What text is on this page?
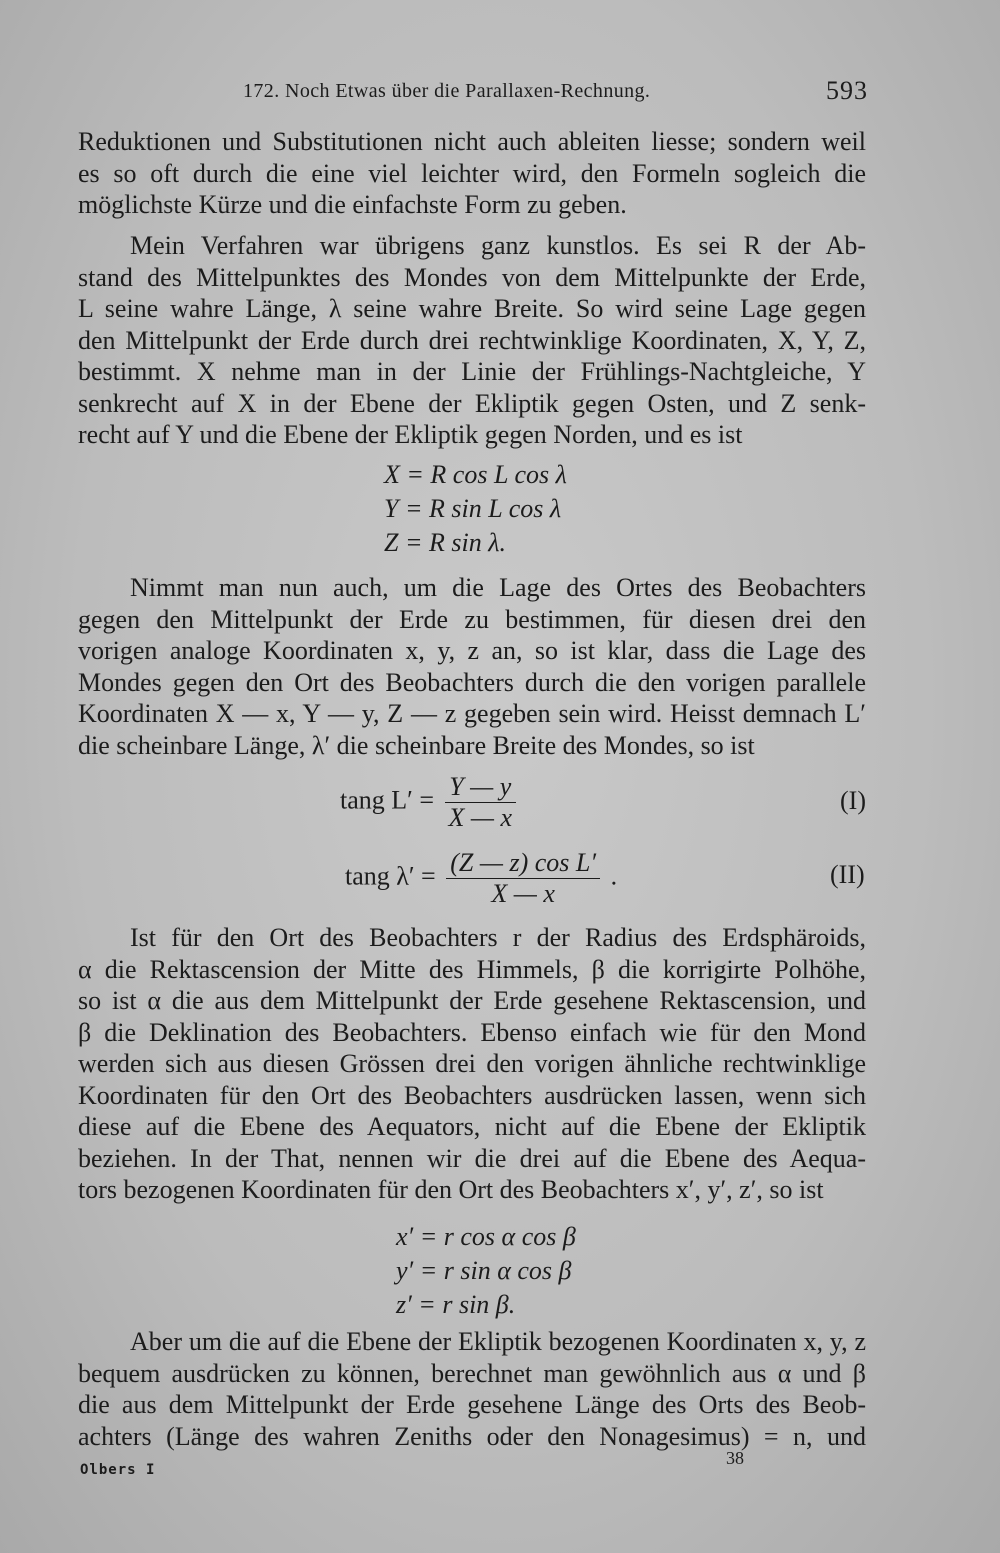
172. Noch Etwas über die Parallaxen-Rechnung.	593

Reduktionen und Substitutionen nicht auch ableiten liesse; sondern weil
es so oft durch die eine viel leichter wird, den Formeln sogleich die
möglichste Kürze und die einfachste Form zu geben.

Mein Verfahren war übrigens ganz kunstlos. Es sei R der Ab-
stand des Mittelpunktes des Mondes von dem Mittelpunkte der Erde,
L seine wahre Länge, λ seine wahre Breite. So wird seine Lage gegen
den Mittelpunkt der Erde durch drei rechtwinklige Koordinaten, X, Y, Z,
bestimmt. X nehme man in der Linie der Frühlings-Nachtgleiche, Y
senkrecht auf X in der Ebene der Ekliptik gegen Osten, und Z senk-
recht auf Y und die Ebene der Ekliptik gegen Norden, und es ist

X = R cos L cos λ
Y = R sin L cos λ
Z = R sin λ.

Nimmt man nun auch, um die Lage des Ortes des Beobachters
gegen den Mittelpunkt der Erde zu bestimmen, für diesen drei den
vorigen analoge Koordinaten x, y, z an, so ist klar, dass die Lage des
Mondes gegen den Ort des Beobachters durch die den vorigen parallele
Koordinaten X — x, Y — y, Z — z gegeben sein wird. Heisst demnach L′
die scheinbare Länge, λ′ die scheinbare Breite des Mondes, so ist

tang $L' = \frac{Y — y}{X — x}$	(I)
tang $\lambda' = \frac{\text{(Z — z) cos L′}}{X — x}$ .	(II)

Ist für den Ort des Beobachters r der Radius des Erdsphäroids,
α die Rektascension der Mitte des Himmels, β die korrigirte Polhöhe,
so ist α die aus dem Mittelpunkt der Erde gesehene Rektascension, und
β die Deklination des Beobachters. Ebenso einfach wie für den Mond
werden sich aus diesen Grössen drei den vorigen ähnliche rechtwinklige
Koordinaten für den Ort des Beobachters ausdrücken lassen, wenn sich
diese auf die Ebene des Aequators, nicht auf die Ebene der Ekliptik
beziehen. In der That, nennen wir die drei auf die Ebene des Aequa-
tors bezogenen Koordinaten für den Ort des Beobachters x′, y′, z′, so ist

x′ = r cos α cos β
y′ = r sin α cos β
z′ = r sin β.

Aber um die auf die Ebene der Ekliptik bezogenen Koordinaten x, y, z
bequem ausdrücken zu können, berechnet man gewöhnlich aus α und β
die aus dem Mittelpunkt der Erde gesehene Länge des Orts des Beob-
achters (Länge des wahren Zeniths oder den Nonagesimus) = n, und

38
Olbers I
